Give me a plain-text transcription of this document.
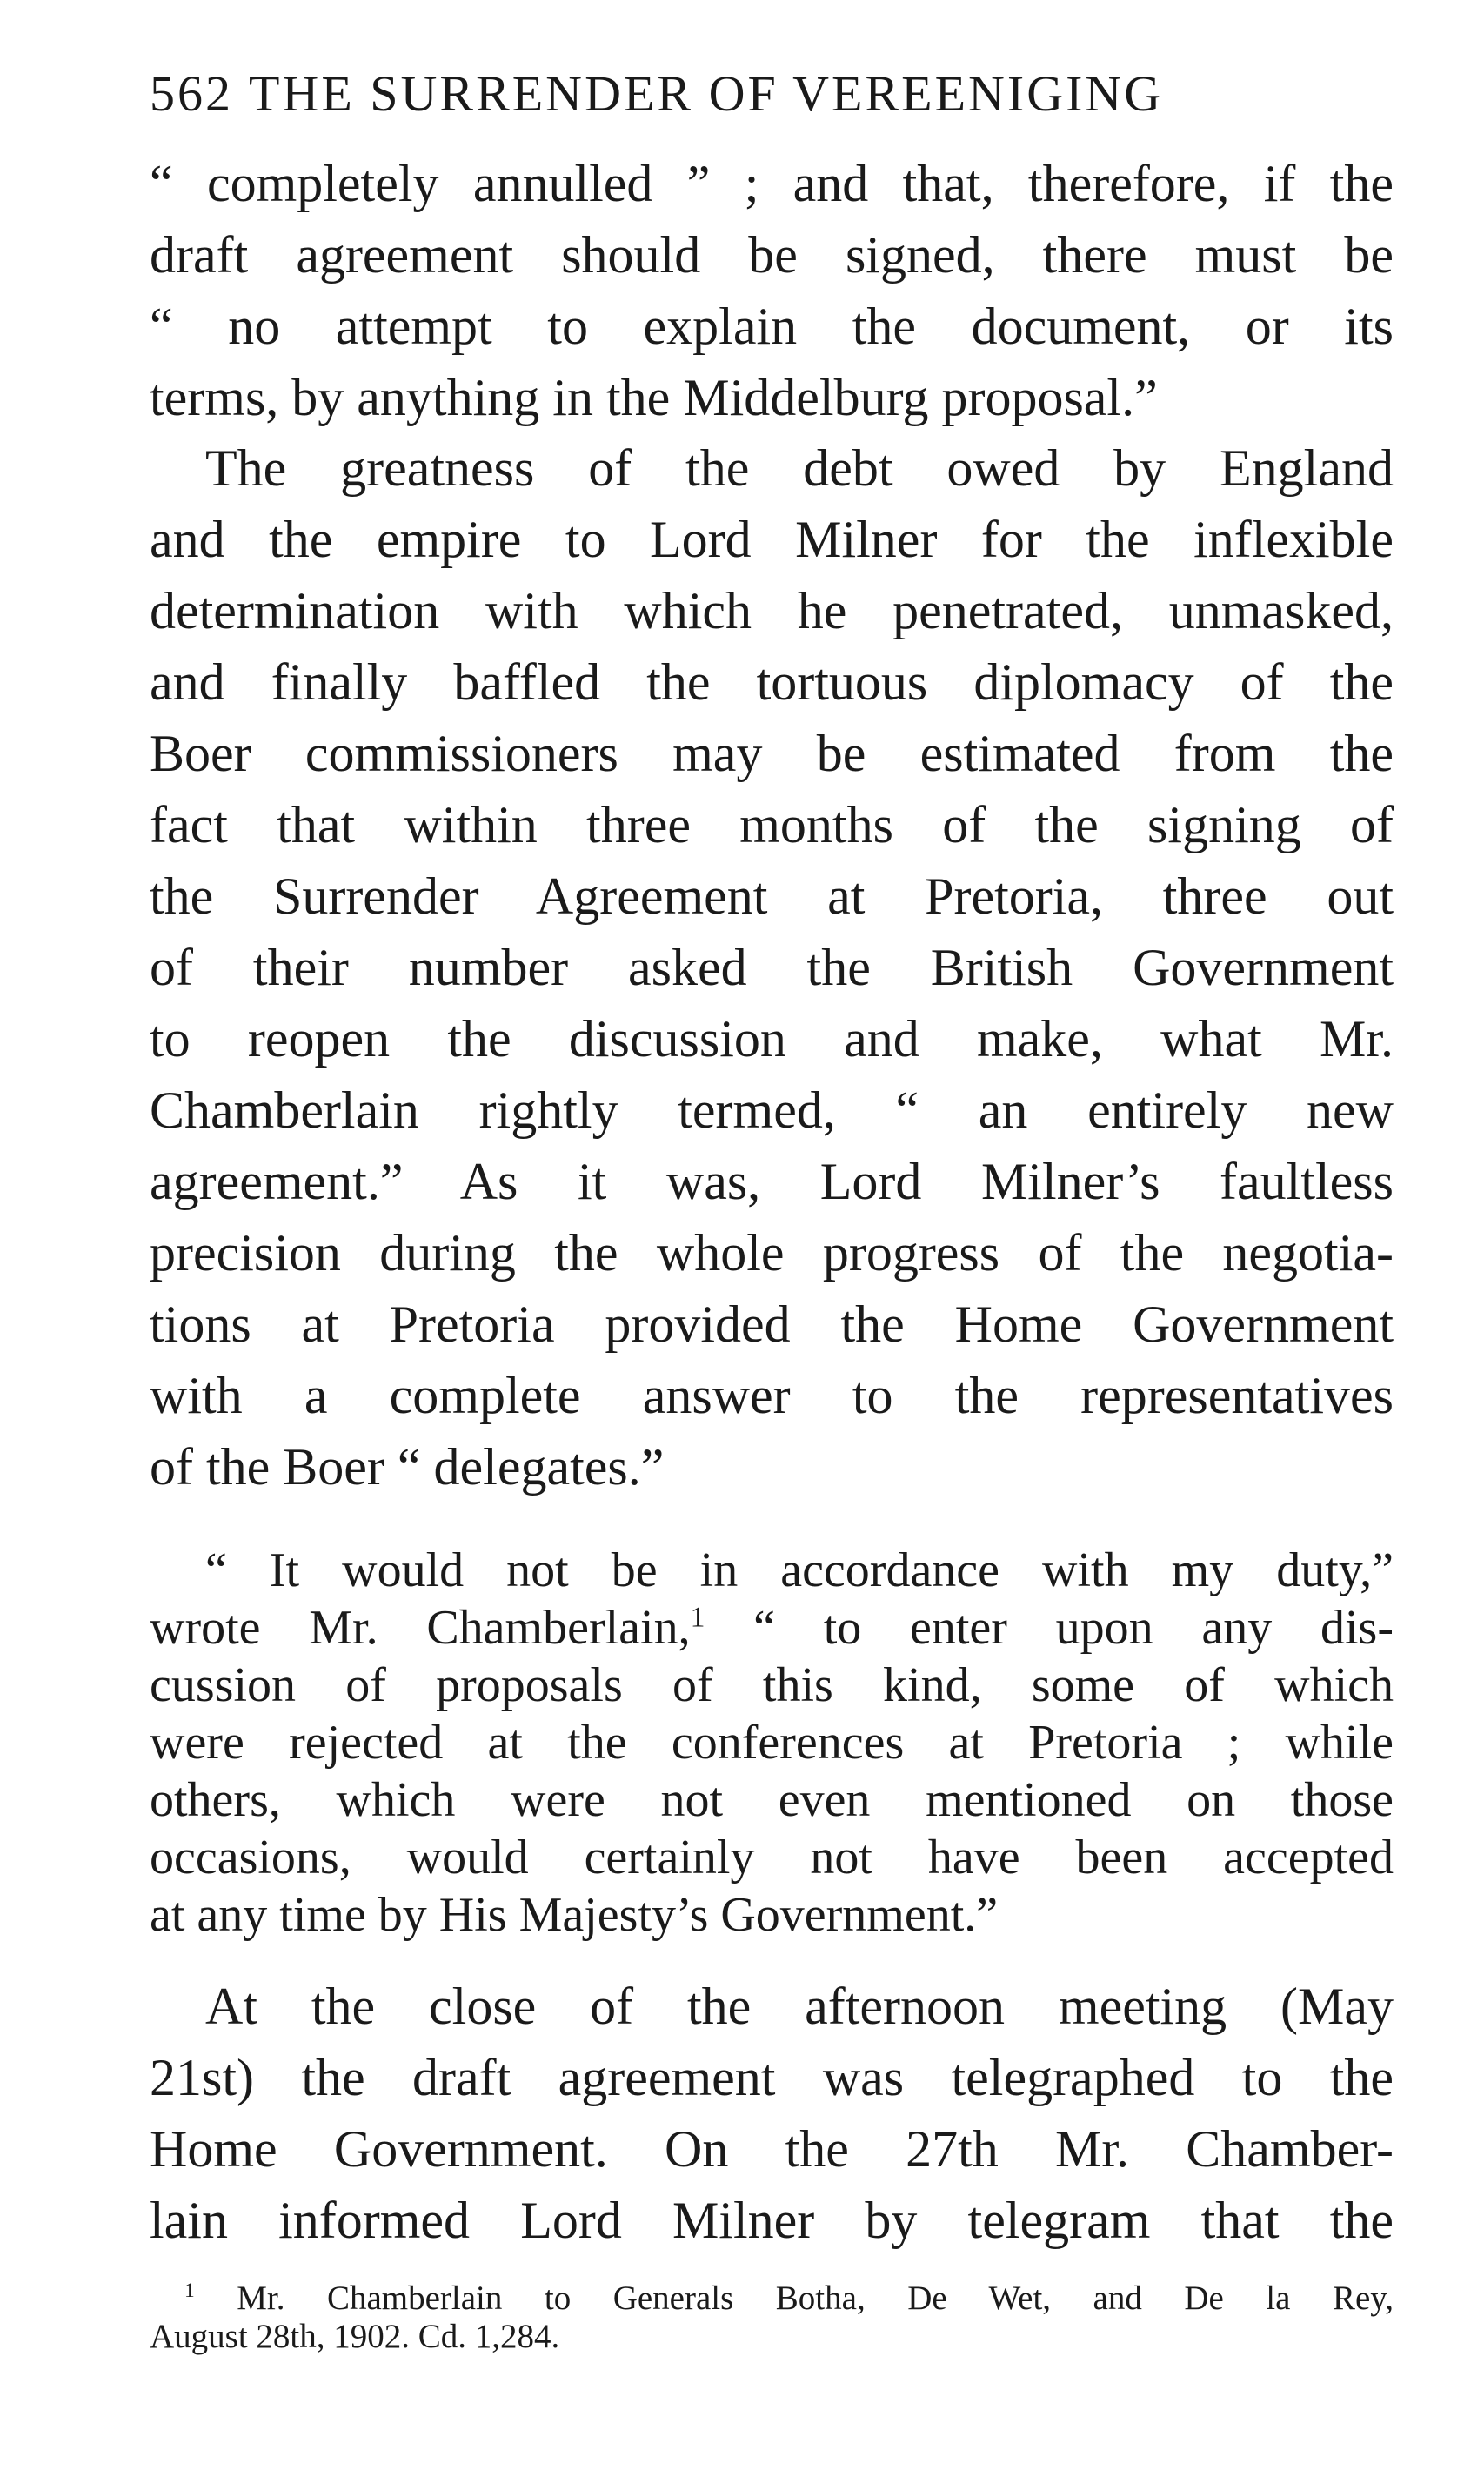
562 THE SURRENDER OF VEREENIGING
“ completely annulled ” ; and that, therefore, if the
draft agreement should be signed, there must be
“ no attempt to explain the document, or its
terms, by anything in the Middelburg proposal.”
The greatness of the debt owed by England
and the empire to Lord Milner for the inflexible
determination with which he penetrated, unmasked,
and finally baffled the tortuous diplomacy of the
Boer commissioners may be estimated from the
fact that within three months of the signing of
the Surrender Agreement at Pretoria, three out
of their number asked the British Government
to reopen the discussion and make, what Mr.
Chamberlain rightly termed, “ an entirely new
agreement.” As it was, Lord Milner’s faultless
precision during the whole progress of the negotia-
tions at Pretoria provided the Home Government
with a complete answer to the representatives
of the Boer “ delegates.”
“ It would not be in accordance with my duty,”
wrote Mr. Chamberlain,$^1$ “ to enter upon any dis-
cussion of proposals of this kind, some of which
were rejected at the conferences at Pretoria ; while
others, which were not even mentioned on those
occasions, would certainly not have been accepted
at any time by His Majesty’s Government.”
At the close of the afternoon meeting (May
21st) the draft agreement was telegraphed to the
Home Government. On the 27th Mr. Chamber-
lain informed Lord Milner by telegram that the
$^1$ Mr. Chamberlain to Generals Botha, De Wet, and De la Rey,
August 28th, 1902. Cd. 1,284.
